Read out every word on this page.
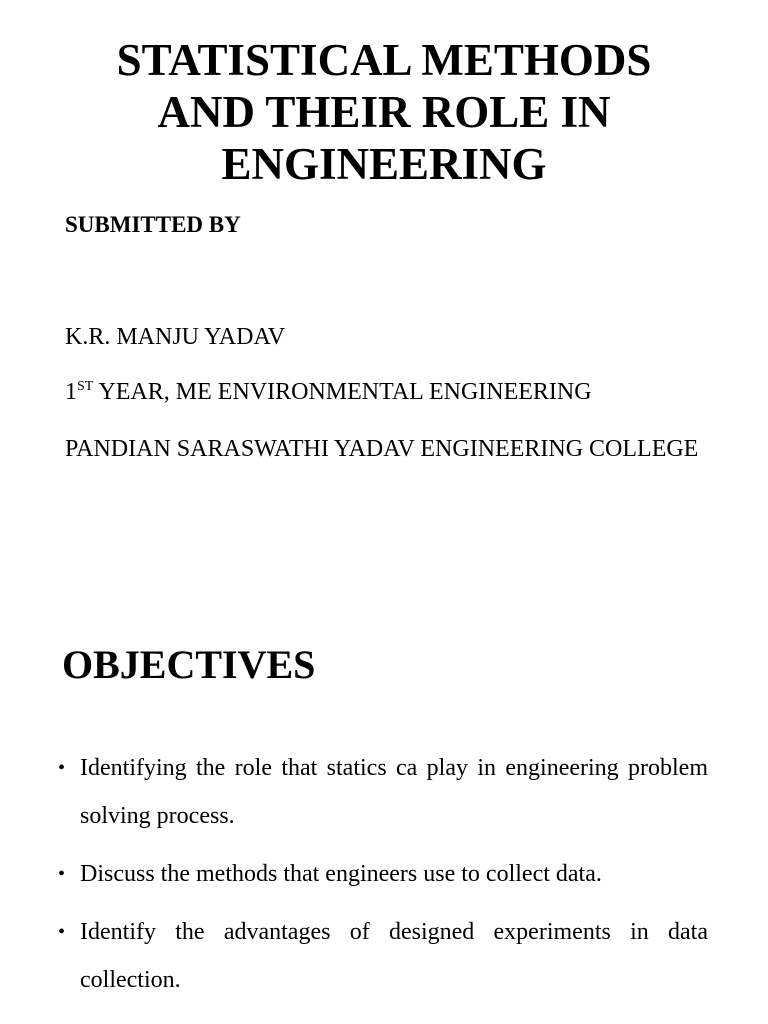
STATISTICAL METHODS
AND THEIR ROLE IN
ENGINEERING

SUBMITTED BY

K.R. MANJU YADAV

1ST YEAR, ME ENVIRONMENTAL ENGINEERING

PANDIAN SARASWATHI YADAV ENGINEERING COLLEGE

OBJECTIVES
• Identifying the role that statics ca play in engineering problem solving process.
• Discuss the methods that engineers use to collect data.
• Identify the advantages of designed experiments in data collection.
